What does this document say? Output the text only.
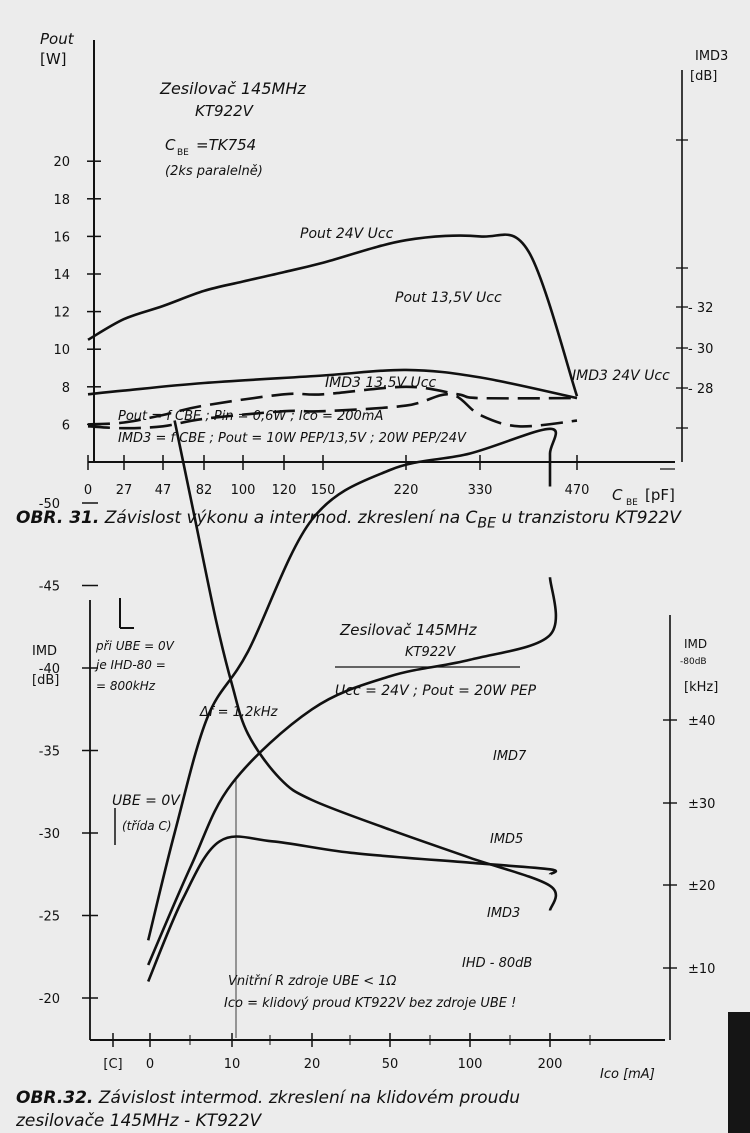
6
8
10
12
14
16
18
20
Pout
[W]	IMD3
[dB]
- 28
- 30
- 32
0 27 47 82 100 120 150	220	330	470 C BE [pF]
Zesilovač 145MHz
KT922V
C BE =TK754
(2ks paralelně)
Pout = f CBE ; Pin = 0,6W ; Ico = 200mA
IMD3 = f CBE ; Pout = 10W PEP/13,5V ; 20W PEP/24V
Pout 24V Ucc
Pout 13,5V Ucc
IMD3 13,5V Ucc	IMD3 24V Ucc
-20
-25
-30
-35
-40
-45
-50
IMD
[dB]
IMD
-80dB
[kHz]
±10
±20
±30
±40
[C] 0	10	20	50	100	200
Ico [mA]
Zesilovač 145MHz
KT922V
Ucc = 24V ; Pout = 20W PEP
při UBE = 0V
je IHD-80 =
= 800kHz
UBE = 0V
(třída C)
Vnitřní R zdroje UBE < 1Ω
Ico = klidový proud KT922V bez zdroje UBE !
IMD7
IMD5
IMD3
IHD - 80dB
Δf = 1,2kHz
OBR. 31. Závislost výkonu a intermod. zkreslení na $C_{BE}$ u tranzistoru KT922V
OBR.32. Závislost intermod. zkreslení na klidovém proudu
zesilovače 145MHz - KT922V
